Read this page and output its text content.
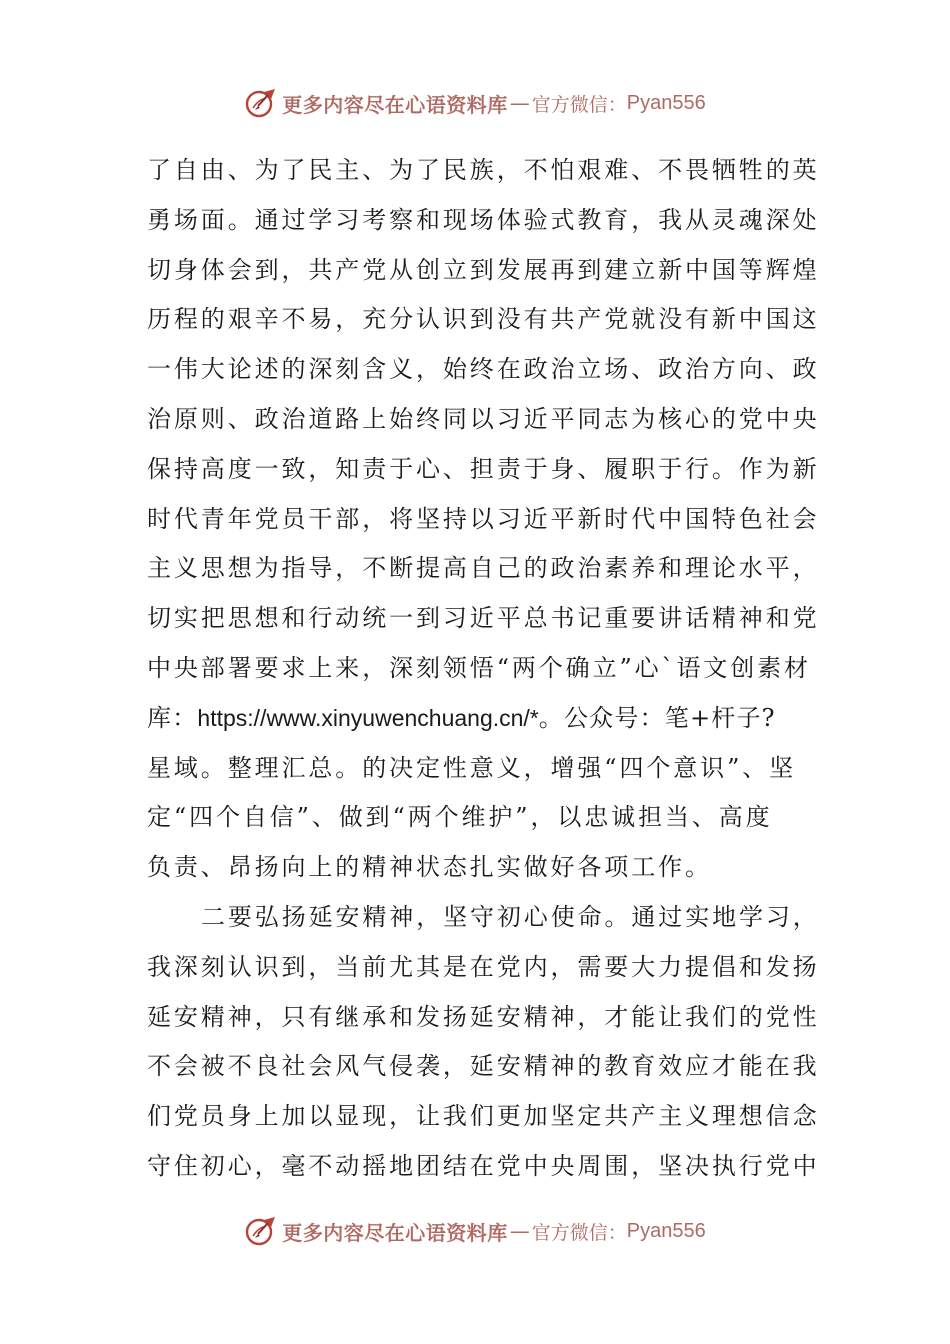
更多内容尽在心语资料库 — 官方微信： Pyan556
了自由、为了民主、为了民族，不怕艰难、不畏牺牲的英
勇场面。通过学习考察和现场体验式教育，我从灵魂深处
切身体会到，共产党从创立到发展再到建立新中国等辉煌
历程的艰辛不易，充分认识到没有共产党就没有新中国这
一伟大论述的深刻含义，始终在政治立场、政治方向、政
治原则、政治道路上始终同以习近平同志为核心的党中央
保持高度一致，知责于心、担责于身、履职于行。作为新
时代青年党员干部，将坚持以习近平新时代中国特色社会
主义思想为指导，不断提高自己的政治素养和理论水平，
切实把思想和行动统一到习近平总书记重要讲话精神和党
中央部署要求上来，深刻领悟“两个确立”心`语文创素材
库：https://www.xinyuwenchuang.cn/*。公众号：笔+杆子?
星域。整理汇总。的决定性意义，增强“四个意识”、坚
定“四个自信”、做到“两个维护”，以忠诚担当、高度
负责、昂扬向上的精神状态扎实做好各项工作。
二要弘扬延安精神，坚守初心使命。通过实地学习，
我深刻认识到，当前尤其是在党内，需要大力提倡和发扬
延安精神，只有继承和发扬延安精神，才能让我们的党性
不会被不良社会风气侵袭，延安精神的教育效应才能在我
们党员身上加以显现，让我们更加坚定共产主义理想信念
守住初心，毫不动摇地团结在党中央周围，坚决执行党中
更多内容尽在心语资料库 — 官方微信： Pyan556
